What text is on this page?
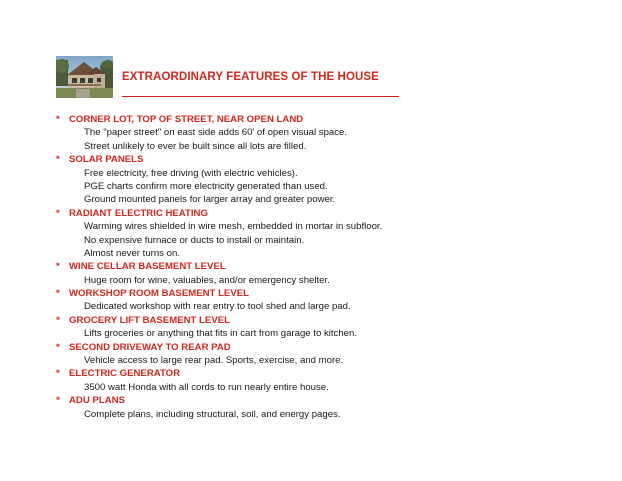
EXTRAORDINARY FEATURES OF THE HOUSE
* CORNER LOT, TOP OF STREET, NEAR OPEN LAND
The "paper street" on east side adds 60' of open visual space.
Street unlikely to ever be built since all lots are filled.
* SOLAR PANELS
Free electricity, free driving (with electric vehicles).
PGE charts confirm more electricity generated than used.
Ground mounted panels for larger array and greater power.
* RADIANT ELECTRIC HEATING
Warming wires shielded in wire mesh, embedded in mortar in subfloor.
No expensive furnace or ducts to install or maintain.
Almost never turns on.
* WINE CELLAR BASEMENT LEVEL
Huge room for wine, valuables, and/or emergency shelter.
* WORKSHOP ROOM BASEMENT LEVEL
Dedicated workshop with rear entry to tool shed and large pad.
* GROCERY LIFT BASEMENT LEVEL
Lifts groceries or anything that fits in cart from garage to kitchen.
* SECOND DRIVEWAY TO REAR PAD
Vehicle access to large rear pad. Sports, exercise, and more.
* ELECTRIC GENERATOR
3500 watt Honda with all cords to run nearly entire house.
* ADU PLANS
Complete plans, including structural, soil, and energy pages.
